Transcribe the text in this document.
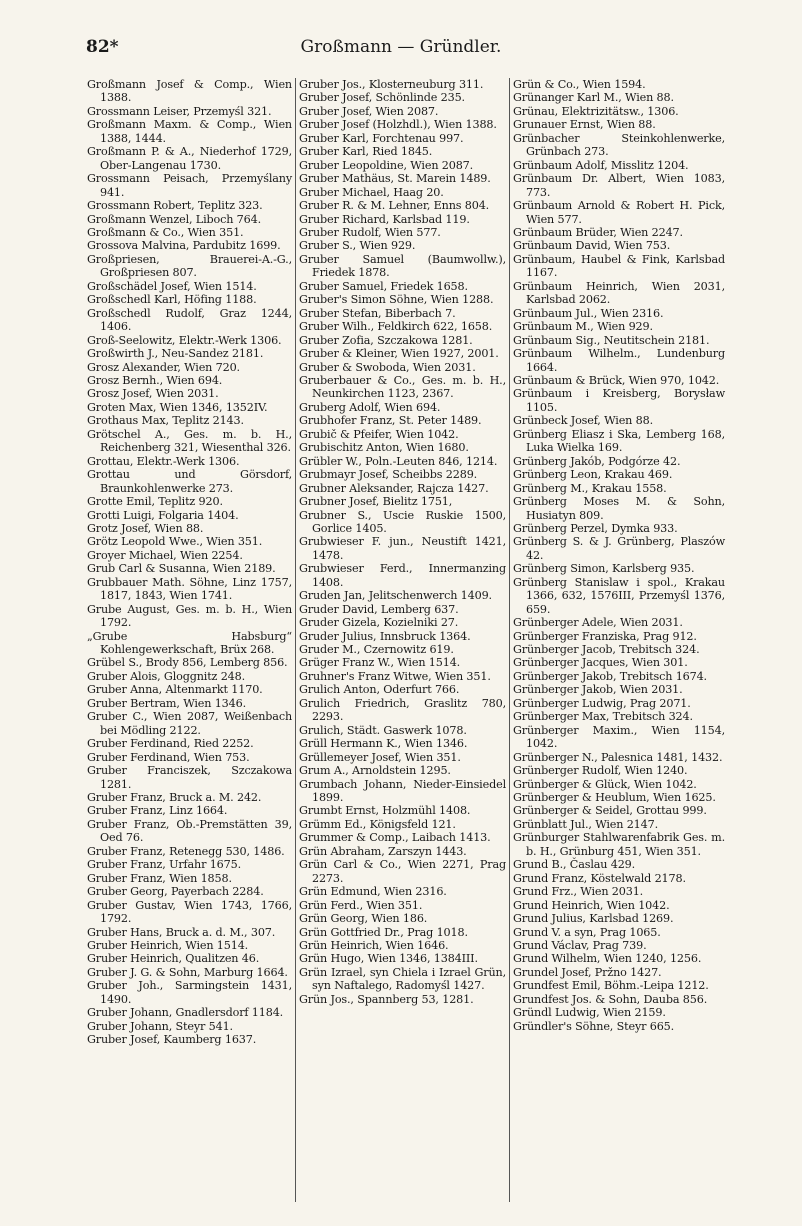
82*	Großmann — Gründler.
Großmann Josef & Comp., Wien 1388.
Grossmann Leiser, Przemyśl 321.
Großmann Maxm. & Comp., Wien 1388, 1444.
Großmann P. & A., Niederhof 1729, Ober-Langenau 1730.
Grossmann Peisach, Przemyślany 941.
Grossmann Robert, Teplitz 323.
Großmann Wenzel, Liboch 764.
Großmann & Co., Wien 351.
Grossova Malvina, Pardubitz 1699.
Großpriesen, Brauerei-A.-G., Großpriesen 807.
Großschädel Josef, Wien 1514.
Großschedl Karl, Höfing 1188.
Großschedl Rudolf, Graz 1244, 1406.
Groß-Seelowitz, Elektr.-Werk 1306.
Großwirth J., Neu-Sandez 2181.
Grosz Alexander, Wien 720.
Grosz Bernh., Wien 694.
Grosz Josef, Wien 2031.
Groten Max, Wien 1346, 1352IV.
Grothaus Max, Teplitz 2143.
Grötschel A., Ges. m. b. H., Reichenberg 321, Wiesenthal 326.
Grottau, Elektr.-Werk 1306.
Grottau und Görsdorf, Braunkohlenwerke 273.
Grotte Emil, Teplitz 920.
Grotti Luigi, Folgaria 1404.
Grotz Josef, Wien 88.
Grötz Leopold Wwe., Wien 351.
Groyer Michael, Wien 2254.
Grub Carl & Susanna, Wien 2189.
Grubbauer Math. Söhne, Linz 1757, 1817, 1843, Wien 1741.
Grube August, Ges. m. b. H., Wien 1792.
„Grube Habsburg“ Kohlengewerkschaft, Brüx 268.
Grübel S., Brody 856, Lemberg 856.
Gruber Alois, Gloggnitz 248.
Gruber Anna, Altenmarkt 1170.
Gruber Bertram, Wien 1346.
Gruber C., Wien 2087, Weißenbach bei Mödling 2122.
Gruber Ferdinand, Ried 2252.
Gruber Ferdinand, Wien 753.
Gruber Franciszek, Szczakowa 1281.
Gruber Franz, Bruck a. M. 242.
Gruber Franz, Linz 1664.
Gruber Franz, Ob.-Premstätten 39, Oed 76.
Gruber Franz, Retenegg 530, 1486.
Gruber Franz, Urfahr 1675.
Gruber Franz, Wien 1858.
Gruber Georg, Payerbach 2284.
Gruber Gustav, Wien 1743, 1766, 1792.
Gruber Hans, Bruck a. d. M., 307.
Gruber Heinrich, Wien 1514.
Gruber Heinrich, Qualitzen 46.
Gruber J. G. & Sohn, Marburg 1664.
Gruber Joh., Sarmingstein 1431, 1490.
Gruber Johann, Gnadlersdorf 1184.
Gruber Johann, Steyr 541.
Gruber Josef, Kaumberg 1637.
Gruber Jos., Klosterneuburg 311.
Gruber Josef, Schönlinde 235.
Gruber Josef, Wien 2087.
Gruber Josef (Holzhdl.), Wien 1388.
Gruber Karl, Forchtenau 997.
Gruber Karl, Ried 1845.
Gruber Leopoldine, Wien 2087.
Gruber Mathäus, St. Marein 1489.
Gruber Michael, Haag 20.
Gruber R. & M. Lehner, Enns 804.
Gruber Richard, Karlsbad 119.
Gruber Rudolf, Wien 577.
Gruber S., Wien 929.
Gruber Samuel (Baumwollw.), Friedek 1878.
Gruber Samuel, Friedek 1658.
Gruber's Simon Söhne, Wien 1288.
Gruber Stefan, Biberbach 7.
Gruber Wilh., Feldkirch 622, 1658.
Gruber Zofia, Szczakowa 1281.
Gruber & Kleiner, Wien 1927, 2001.
Gruber & Swoboda, Wien 2031.
Gruberbauer & Co., Ges. m. b. H., Neunkirchen 1123, 2367.
Gruberg Adolf, Wien 694.
Grubhofer Franz, St. Peter 1489.
Grubič & Pfeifer, Wien 1042.
Grubischitz Anton, Wien 1680.
Grübler W., Poln.-Leuten 846, 1214.
Grubmayr Josef, Scheibbs 2289.
Grubner Aleksander, Rajcza 1427.
Grubner Josef, Bielitz 1751,
Grubner S., Uscie Ruskie 1500, Gorlice 1405.
Grubwieser F. jun., Neustift 1421, 1478.
Grubwieser Ferd., Innermanzing 1408.
Gruden Jan, Jelitschenwerch 1409.
Gruder David, Lemberg 637.
Gruder Gizela, Kozielniki 27.
Gruder Julius, Innsbruck 1364.
Gruder M., Czernowitz 619.
Grüger Franz W., Wien 1514.
Gruhner's Franz Witwe, Wien 351.
Grulich Anton, Oderfurt 766.
Grulich Friedrich, Graslitz 780, 2293.
Grulich, Städt. Gaswerk 1078.
Grüll Hermann K., Wien 1346.
Grüllemeyer Josef, Wien 351.
Grum A., Arnoldstein 1295.
Grumbach Johann, Nieder-Einsiedel 1899.
Grumbt Ernst, Holzmühl 1408.
Grümm Ed., Königsfeld 121.
Grummer & Comp., Laibach 1413.
Grün Abraham, Zarszyn 1443.
Grün Carl & Co., Wien 2271, Prag 2273.
Grün Edmund, Wien 2316.
Grün Ferd., Wien 351.
Grün Georg, Wien 186.
Grün Gottfried Dr., Prag 1018.
Grün Heinrich, Wien 1646.
Grün Hugo, Wien 1346, 1384III.
Grün Izrael, syn Chiela i Izrael Grün, syn Naftalego, Radomyśl 1427.
Grün Jos., Spannberg 53, 1281.
Grün & Co., Wien 1594.
Grünanger Karl M., Wien 88.
Grünau, Elektrizitätsw., 1306.
Grunauer Ernst, Wien 88.
Grünbacher Steinkohlenwerke, Grünbach 273.
Grünbaum Adolf, Misslitz 1204.
Grünbaum Dr. Albert, Wien 1083, 773.
Grünbaum Arnold & Robert H. Pick, Wien 577.
Grünbaum Brüder, Wien 2247.
Grünbaum David, Wien 753.
Grünbaum, Haubel & Fink, Karlsbad 1167.
Grünbaum Heinrich, Wien 2031, Karlsbad 2062.
Grünbaum Jul., Wien 2316.
Grünbaum M., Wien 929.
Grünbaum Sig., Neutitschein 2181.
Grünbaum Wilhelm., Lundenburg 1664.
Grünbaum & Brück, Wien 970, 1042.
Grünbaum i Kreisberg, Borysław 1105.
Grünbeck Josef, Wien 88.
Grünberg Eliasz i Ska, Lemberg 168, Luka Wielka 169.
Grünberg Jakób, Podgórze 42.
Grünberg Leon, Krakau 469.
Grünberg M., Krakau 1558.
Grünberg Moses M. & Sohn, Husiatyn 809.
Grünberg Perzel, Dymka 933.
Grünberg S. & J. Grünberg, Plaszów 42.
Grünberg Simon, Karlsberg 935.
Grünberg Stanislaw i spol., Krakau 1366, 632, 1576III, Przemyśl 1376, 659.
Grünberger Adele, Wien 2031.
Grünberger Franziska, Prag 912.
Grünberger Jacob, Trebitsch 324.
Grünberger Jacques, Wien 301.
Grünberger Jakob, Trebitsch 1674.
Grünberger Jakob, Wien 2031.
Grünberger Ludwig, Prag 2071.
Grünberger Max, Trebitsch 324.
Grünberger Maxim., Wien 1154, 1042.
Grünberger N., Palesnica 1481, 1432.
Grünberger Rudolf, Wien 1240.
Grünberger & Glück, Wien 1042.
Grünberger & Heublum, Wien 1625.
Grünberger & Seidel, Grottau 999.
Grünblatt Jul., Wien 2147.
Grünburger Stahlwarenfabrik Ges. m. b. H., Grünburg 451, Wien 351.
Grund B., Časlau 429.
Grund Franz, Köstelwald 2178.
Grund Frz., Wien 2031.
Grund Heinrich, Wien 1042.
Grund Julius, Karlsbad 1269.
Grund V. a syn, Prag 1065.
Grund Václav, Prag 739.
Grund Wilhelm, Wien 1240, 1256.
Grundel Josef, Pržno 1427.
Grundfest Emil, Böhm.-Leipa 1212.
Grundfest Jos. & Sohn, Dauba 856.
Gründl Ludwig, Wien 2159.
Gründler's Söhne, Steyr 665.
